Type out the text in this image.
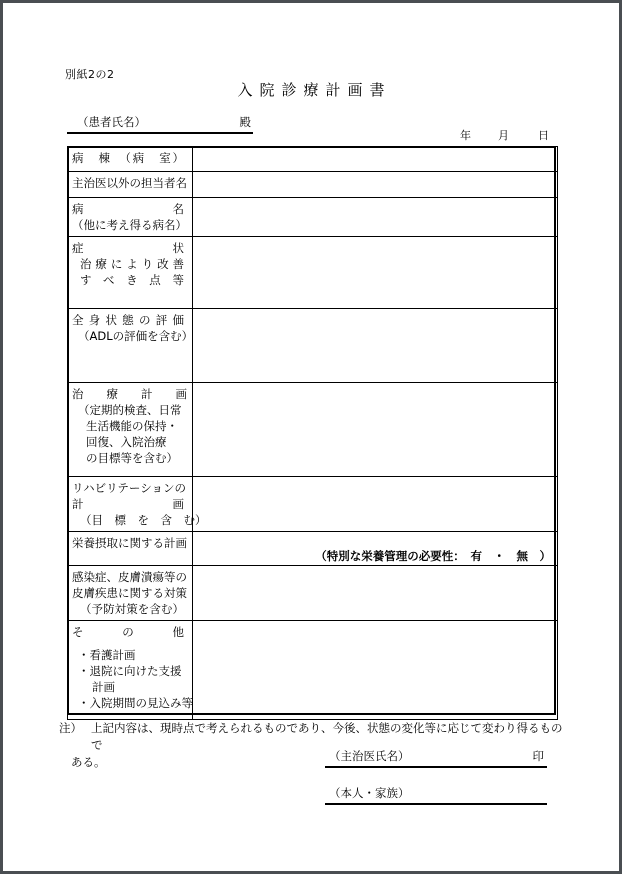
別紙2の2
入院診療計画書
（患者氏名）	殿
年 月	日
病　棟　（病　室）	

主治医以外の担当者名	

病　　　　　　　名
（他に考え得る病名）	

症　　　　　　　状
治療により改善
すべき点等	

全身状態の評価
（ADLの評価を含む）	

治　　療　　計　　画
（定期的検査、日常 生活機能の保持・ 回復、入院治療 の目標等を含む）	
リハビリテーションの
計　　　　　　　画
（目　標　を　含　む）	

栄養摂取に関する計画	（特別な栄養管理の必要性：　有　・　無　）

感染症、皮膚潰瘍等の 皮膚疾患に関する対策
（予防対策を含む）	

そ　　　の　　　他
・看護計画 ・退院に向けた支援 計画 ・入院期間の見込み等	
注） 上記内容は、現時点で考えられるものであり、今後、状態の変化等に応じて変わり得るもので
ある。	（主治医氏名）	印
（本人・家族）
